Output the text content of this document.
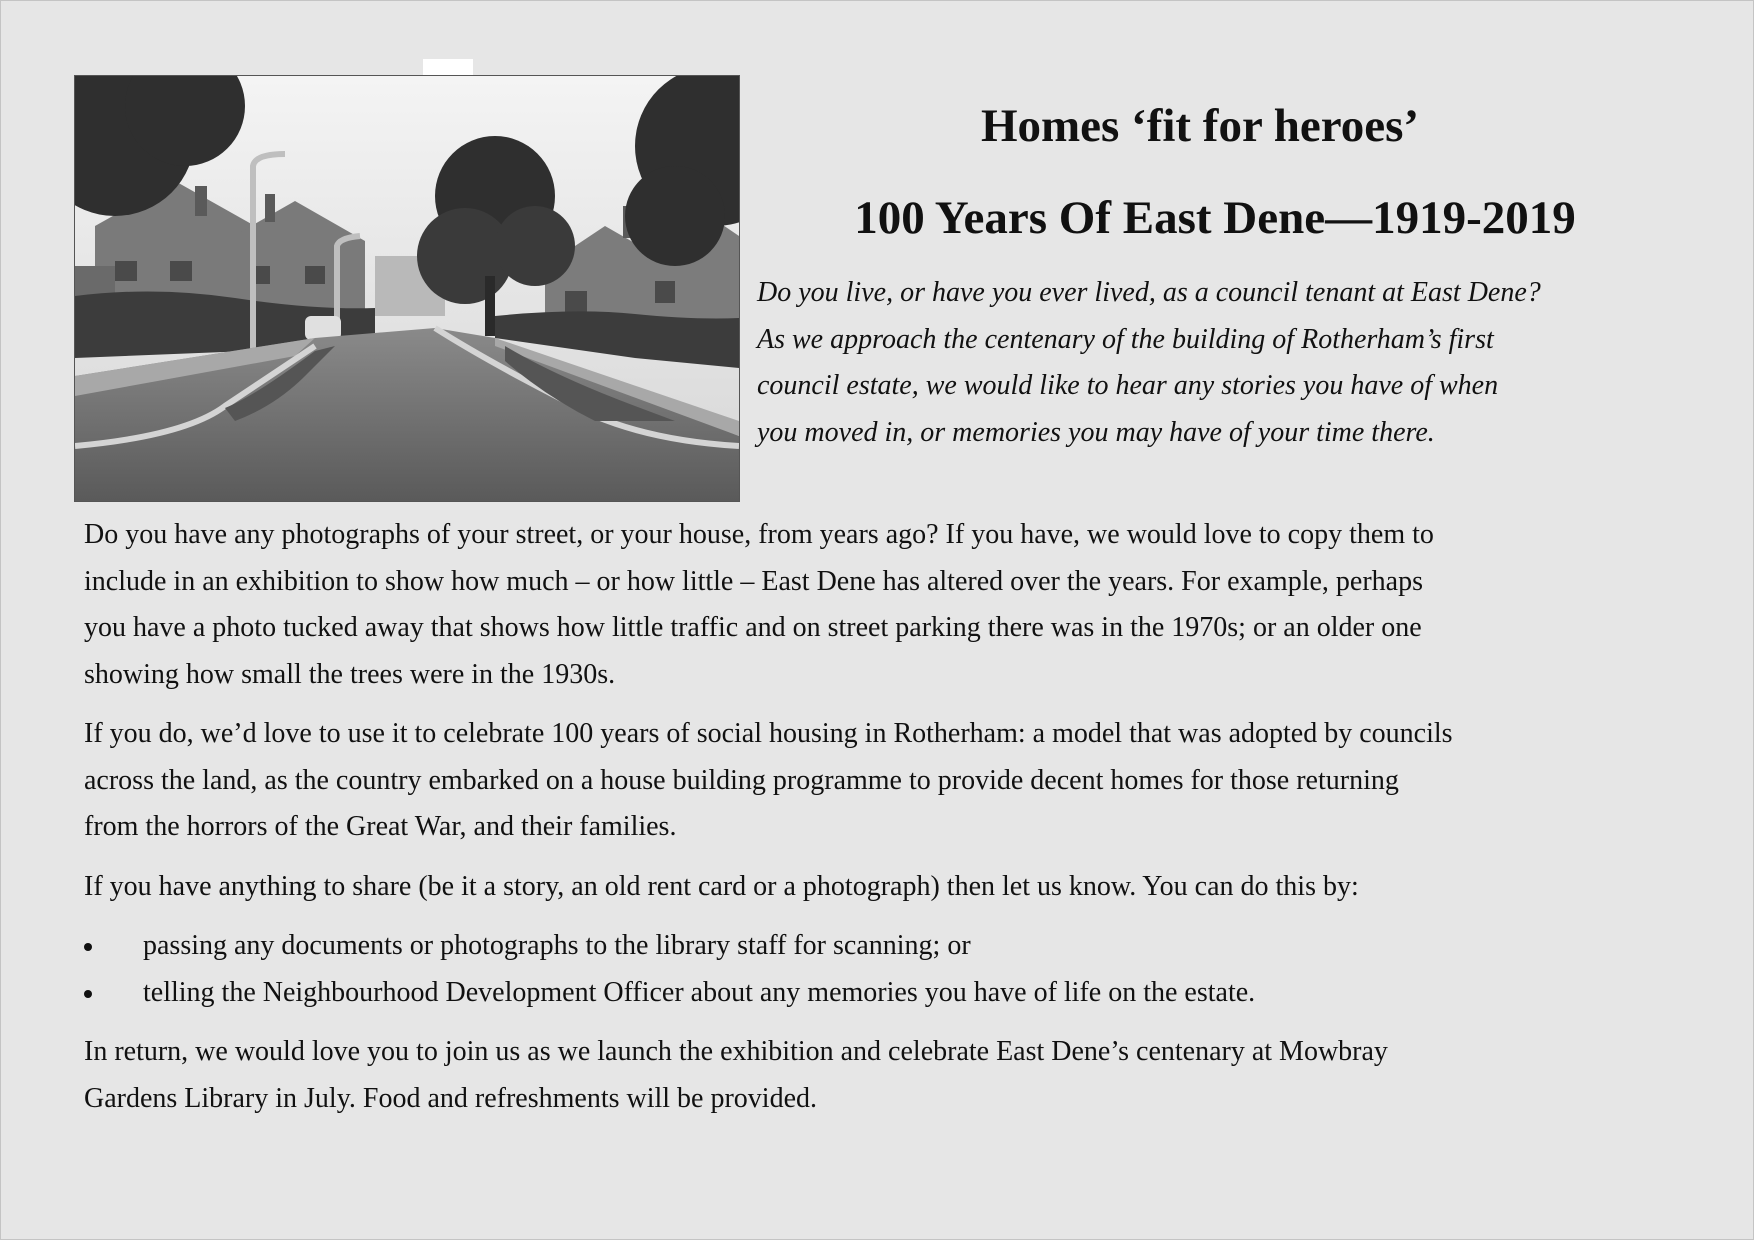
Homes ‘fit for heroes’
100 Years Of East Dene—1919-2019

Do you live, or have you ever lived, as a council tenant at East Dene?
As we approach the centenary of the building of Rotherham’s first
council estate, we would like to hear any stories you have of when
you moved in, or memories you may have of your time there.

Do you have any photographs of your street, or your house, from years ago? If you have, we would love to copy them to
include in an exhibition to show how much – or how little – East Dene has altered over the years. For example, perhaps
you have a photo tucked away that shows how little traffic and on street parking there was in the 1970s; or an older one
showing how small the trees were in the 1930s.

If you do, we’d love to use it to celebrate 100 years of social housing in Rotherham: a model that was adopted by councils
across the land, as the country embarked on a house building programme to provide decent homes for those returning
from the horrors of the Great War, and their families.

If you have anything to share (be it a story, an old rent card or a photograph) then let us know. You can do this by:

passing any documents or photographs to the library staff for scanning; or
telling the Neighbourhood Development Officer about any memories you have of life on the estate.

In return, we would love you to join us as we launch the exhibition and celebrate East Dene’s centenary at Mowbray
Gardens Library in July. Food and refreshments will be provided.
